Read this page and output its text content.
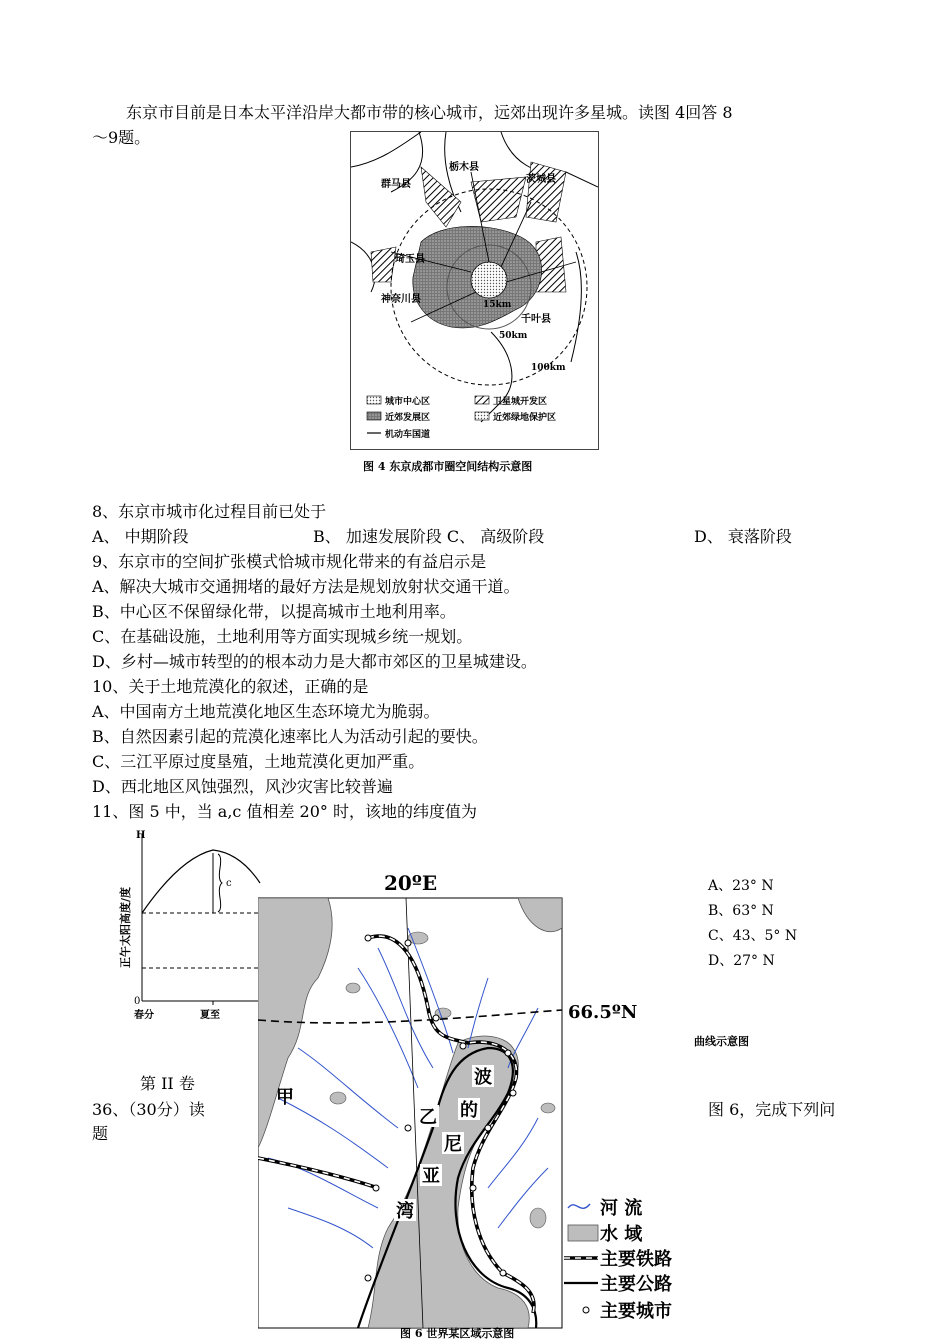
东京市目前是日本太平洋沿岸大都市带的核心城市，远郊出现许多星城。读图 4回答 8
～9题。
群马县
栃木县
茨城县
琦玉县
神奈川县
千叶县
15km
50km
100km
城市中心区	卫星城开发区
近郊发展区	近郊绿地保护区
机动车国道
图 4 东京成都市圈空间结构示意图
8、东京市城市化过程目前已处于
A、 中期阶段	B、 加速发展阶段 C、 高级阶段	D、 衰落阶段
9、东京市的空间扩张模式恰城市规化带来的有益启示是
A、解决大城市交通拥堵的最好方法是规划放射状交通干道。
B、中心区不保留绿化带，以提高城市土地利用率。
C、在基础设施，土地利用等方面实现城乡统一规划。
D、乡村—城市转型的的根本动力是大都市郊区的卫星城建设。
10、关于土地荒漠化的叙述，正确的是
A、中国南方土地荒漠化地区生态环境尤为脆弱。
B、自然因素引起的荒漠化速率比人为活动引起的要快。
C、三江平原过度垦殖，土地荒漠化更加严重。
D、西北地区风蚀强烈，风沙灾害比较普遍
11、图 5 中，当 a,c 值相差 20° 时，该地的纬度值为
A、23° N
B、63° N
C、43、5° N
D、27° N
H
0
c
春分	夏至
正午太阳高度/度
曲线示意图
第 II 卷
36、（30分）读	图 6，完成下列问
题
20ºE
66.5ºN
甲
乙
波
的
尼
亚
湾	河 流
水 域
主要铁路
主要公路
主要城市
图 6 世界某区域示意图
